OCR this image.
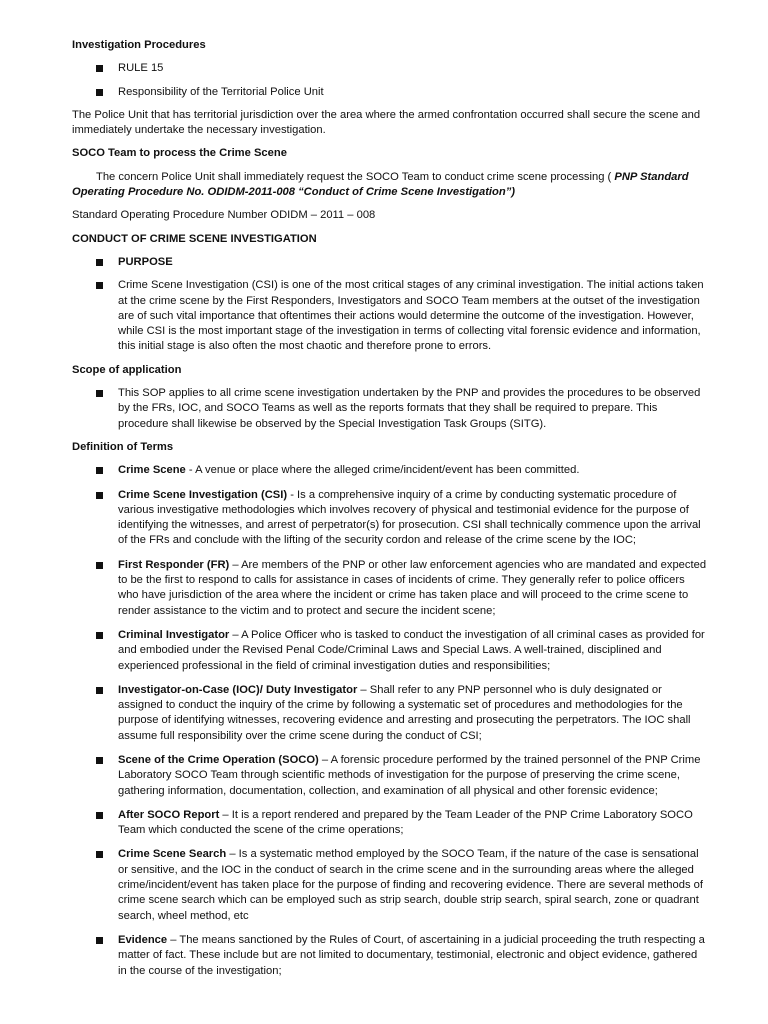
Investigation Procedures

RULE 15
Responsibility of the Territorial Police Unit

The Police Unit that has territorial jurisdiction over the area where the armed confrontation occurred shall secure the scene and immediately undertake the necessary investigation.

SOCO Team to process the Crime Scene

The concern Police Unit shall immediately request the SOCO Team to conduct crime scene processing ( PNP Standard Operating Procedure No. ODIDM-2011-008 “Conduct of Crime Scene Investigation”)

Standard Operating Procedure Number ODIDM – 2011 – 008

CONDUCT OF CRIME SCENE INVESTIGATION

PURPOSE
Crime Scene Investigation (CSI) is one of the most critical stages of any criminal investigation. The initial actions taken at the crime scene by the First Responders, Investigators and SOCO Team members at the outset of the investigation are of such vital importance that oftentimes their actions would determine the outcome of the investigation. However, while CSI is the most important stage of the investigation in terms of collecting vital forensic evidence and information, this initial stage is also often the most chaotic and therefore prone to errors.

Scope of application

This SOP applies to all crime scene investigation undertaken by the PNP and provides the procedures to be observed by the FRs, IOC, and SOCO Teams as well as the reports formats that they shall be required to prepare. This procedure shall likewise be observed by the Special Investigation Task Groups (SITG).

Definition of Terms

Crime Scene - A venue or place where the alleged crime/incident/event has been committed.
Crime Scene Investigation (CSI) - Is a comprehensive inquiry of a crime by conducting systematic procedure of various investigative methodologies which involves recovery of physical and testimonial evidence for the purpose of identifying the witnesses, and arrest of perpetrator(s) for prosecution. CSI shall technically commence upon the arrival of the FRs and conclude with the lifting of the security cordon and release of the crime scene by the IOC;
First Responder (FR) – Are members of the PNP or other law enforcement agencies who are mandated and expected to be the first to respond to calls for assistance in cases of incidents of crime. They generally refer to police officers who have jurisdiction of the area where the incident or crime has taken place and will proceed to the crime scene to render assistance to the victim and to protect and secure the incident scene;
Criminal Investigator – A Police Officer who is tasked to conduct the investigation of all criminal cases as provided for and embodied under the Revised Penal Code/Criminal Laws and Special Laws. A well-trained, disciplined and experienced professional in the field of criminal investigation duties and responsibilities;
Investigator-on-Case (IOC)/ Duty Investigator – Shall refer to any PNP personnel who is duly designated or assigned to conduct the inquiry of the crime by following a systematic set of procedures and methodologies for the purpose of identifying witnesses, recovering evidence and arresting and prosecuting the perpetrators. The IOC shall assume full responsibility over the crime scene during the conduct of CSI;
Scene of the Crime Operation (SOCO) – A forensic procedure performed by the trained personnel of the PNP Crime Laboratory SOCO Team through scientific methods of investigation for the purpose of preserving the crime scene, gathering information, documentation, collection, and examination of all physical and other forensic evidence;
After SOCO Report – It is a report rendered and prepared by the Team Leader of the PNP Crime Laboratory SOCO Team which conducted the scene of the crime operations;
Crime Scene Search – Is a systematic method employed by the SOCO Team, if the nature of the case is sensational or sensitive, and the IOC in the conduct of search in the crime scene and in the surrounding areas where the alleged crime/incident/event has taken place for the purpose of finding and recovering evidence. There are several methods of crime scene search which can be employed such as strip search, double strip search, spiral search, zone or quadrant search, wheel method, etc
Evidence – The means sanctioned by the Rules of Court, of ascertaining in a judicial proceeding the truth respecting a matter of fact. These include but are not limited to documentary, testimonial, electronic and object evidence, gathered in the course of the investigation;
